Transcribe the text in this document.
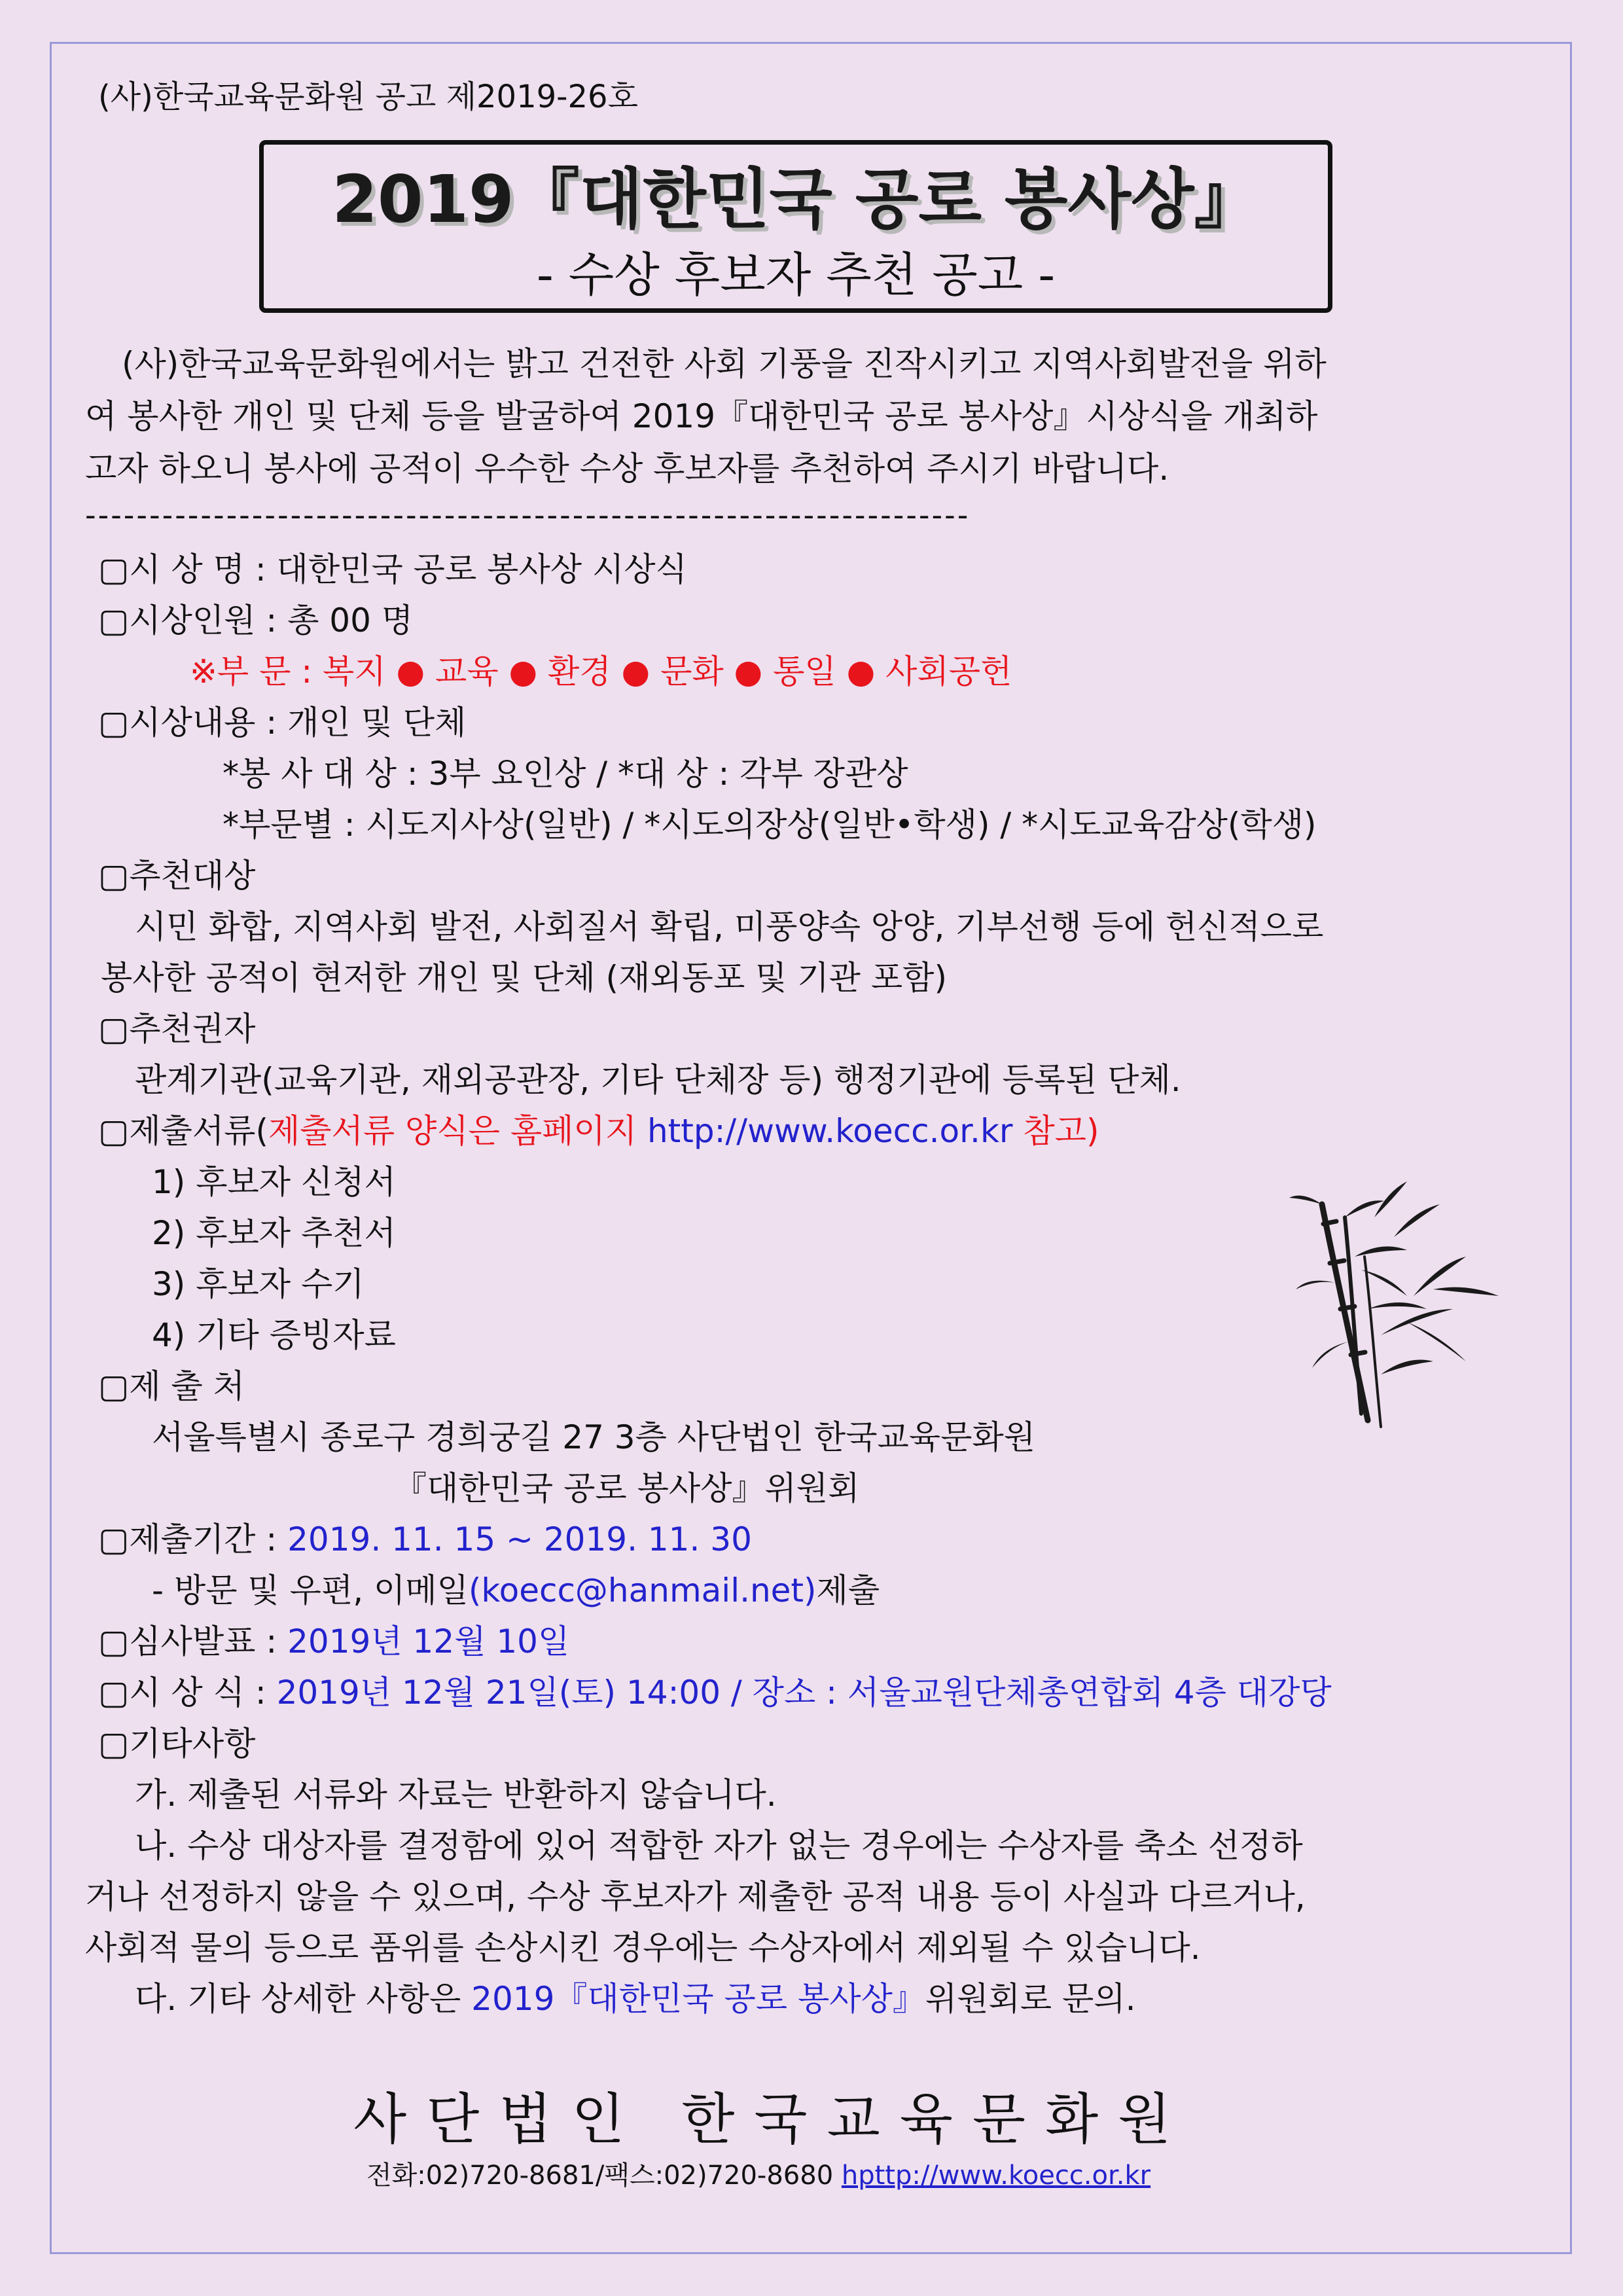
(사)한국교육문화원 공고 제2019-26호
2019『대한민국 공로 봉사상』
- 수상 후보자 추천 공고 -
(사)한국교육문화원에서는 밝고 건전한 사회 기풍을 진작시키고 지역사회발전을 위하
여 봉사한 개인 및 단체 등을 발굴하여 2019『대한민국 공로 봉사상』시상식을 개최하
고자 하오니 봉사에 공적이 우수한 수상 후보자를 추천하여 주시기 바랍니다.
---------------------------------------------------------------------
▢시 상 명 : 대한민국 공로 봉사상 시상식
▢시상인원 : 총 00 명
※부 문 : 복지 ● 교육 ● 환경 ● 문화 ● 통일 ● 사회공헌
▢시상내용 : 개인 및 단체
*봉 사 대 상 : 3부 요인상 / *대 상 : 각부 장관상
*부문별 : 시도지사상(일반) / *시도의장상(일반•학생) / *시도교육감상(학생)
▢추천대상
시민 화합, 지역사회 발전, 사회질서 확립, 미풍양속 앙양, 기부선행 등에 헌신적으로
봉사한 공적이 현저한 개인 및 단체 (재외동포 및 기관 포함)
▢추천권자
관계기관(교육기관, 재외공관장, 기타 단체장 등) 행정기관에 등록된 단체.
▢제출서류(제출서류 양식은 홈페이지 http://www.koecc.or.kr 참고)
1) 후보자 신청서
2) 후보자 추천서
3) 후보자 수기
4) 기타 증빙자료
▢제 출 처
서울특별시 종로구 경희궁길 27 3층 사단법인 한국교육문화원
『대한민국 공로 봉사상』위원회
▢제출기간 : 2019. 11. 15 ~ 2019. 11. 30
- 방문 및 우편, 이메일(koecc@hanmail.net)제출
▢심사발표 : 2019년 12월 10일
▢시 상 식 : 2019년 12월 21일(토) 14:00 / 장소 : 서울교원단체총연합회 4층 대강당
▢기타사항
가. 제출된 서류와 자료는 반환하지 않습니다.
나. 수상 대상자를 결정함에 있어 적합한 자가 없는 경우에는 수상자를 축소 선정하
거나 선정하지 않을 수 있으며, 수상 후보자가 제출한 공적 내용 등이 사실과 다르거나,
사회적 물의 등으로 품위를 손상시킨 경우에는 수상자에서 제외될 수 있습니다.
다. 기타 상세한 사항은 2019『대한민국 공로 봉사상』위원회로 문의.
사단법인 한국교육문화원
전화:02)720-8681/팩스:02)720-8680 hpttp://www.koecc.or.kr
